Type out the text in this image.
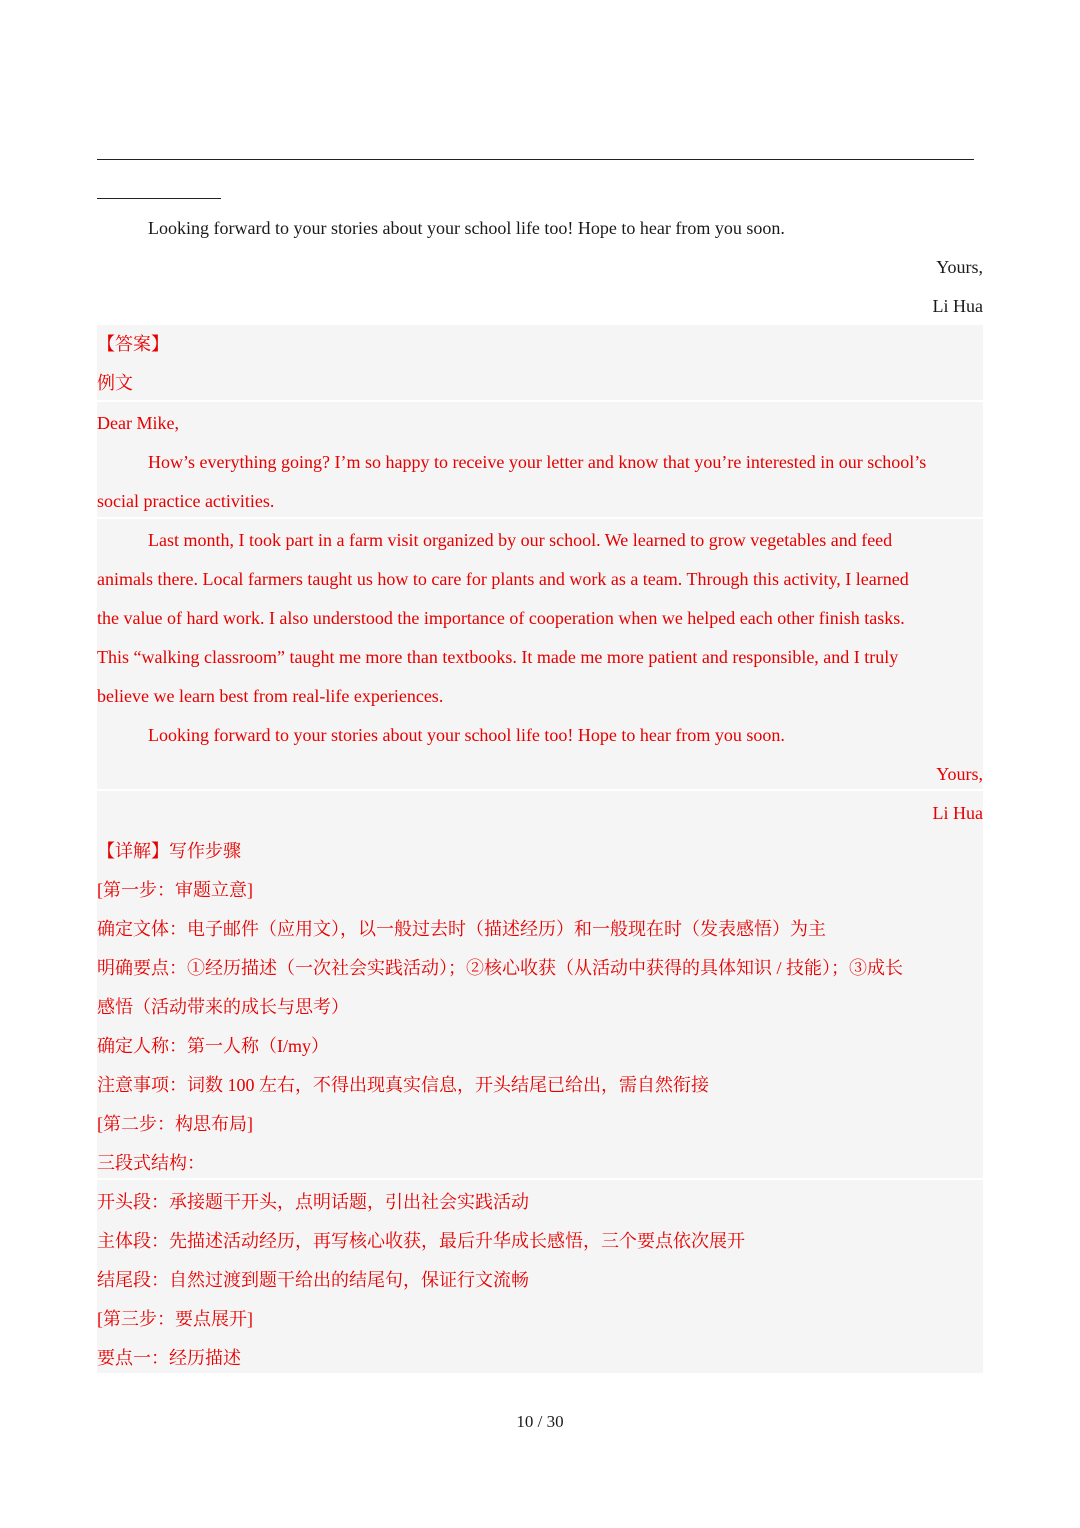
Looking forward to your stories about your school life too! Hope to hear from you soon.
Yours,
Li Hua
【答案】
例文
Dear Mike,
How’s everything going? I’m so happy to receive your letter and know that you’re interested in our school’s
social practice activities.
Last month, I took part in a farm visit organized by our school. We learned to grow vegetables and feed
animals there. Local farmers taught us how to care for plants and work as a team. Through this activity, I learned
the value of hard work. I also understood the importance of cooperation when we helped each other finish tasks.
This “walking classroom” taught me more than textbooks. It made me more patient and responsible, and I truly
believe we learn best from real-life experiences.
Looking forward to your stories about your school life too! Hope to hear from you soon.
Yours,
Li Hua
【详解】写作步骤
[第一步：审题立意]
确定文体：电子邮件（应用文），以一般过去时（描述经历）和一般现在时（发表感悟）为主
明确要点：①经历描述（一次社会实践活动）；②核心收获（从活动中获得的具体知识 / 技能）；③成长
感悟（活动带来的成长与思考）
确定人称：第一人称（I/my）
注意事项：词数 100 左右，不得出现真实信息，开头结尾已给出，需自然衔接
[第二步：构思布局]
三段式结构：
开头段：承接题干开头，点明话题，引出社会实践活动
主体段：先描述活动经历，再写核心收获，最后升华成长感悟，三个要点依次展开
结尾段：自然过渡到题干给出的结尾句，保证行文流畅
[第三步：要点展开]
要点一：经历描述
10 / 30
